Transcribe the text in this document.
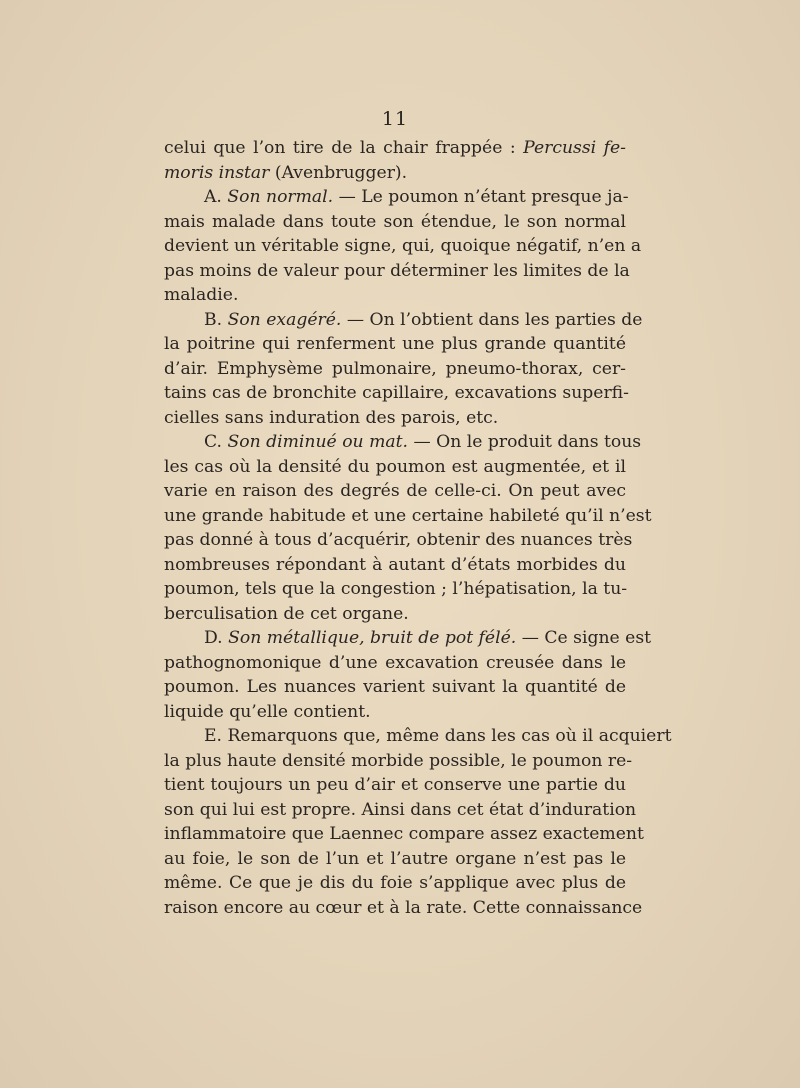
11

celui que l’on tire de la chair frappée : Percussi fe-
moris instar (Avenbrugger).

A. Son normal. — Le poumon n’étant presque ja-
mais malade dans toute son étendue, le son normal
devient un véritable signe, qui, quoique négatif, n’en a
pas moins de valeur pour déterminer les limites de la
maladie.

B. Son exagéré. — On l’obtient dans les parties de
la poitrine qui renferment une plus grande quantité
d’air. Emphysème pulmonaire, pneumo-thorax, cer-
tains cas de bronchite capillaire, excavations superfi-
cielles sans induration des parois, etc.

C. Son diminué ou mat. — On le produit dans tous
les cas où la densité du poumon est augmentée, et il
varie en raison des degrés de celle-ci. On peut avec
une grande habitude et une certaine habileté qu’il n’est
pas donné à tous d’acquérir, obtenir des nuances très
nombreuses répondant à autant d’états morbides du
poumon, tels que la congestion ; l’hépatisation, la tu-
berculisation de cet organe.

D. Son métallique, bruit de pot félé. — Ce signe est
pathognomonique d’une excavation creusée dans le
poumon. Les nuances varient suivant la quantité de
liquide qu’elle contient.

E. Remarquons que, même dans les cas où il acquiert
la plus haute densité morbide possible, le poumon re-
tient toujours un peu d’air et conserve une partie du
son qui lui est propre. Ainsi dans cet état d’induration
inflammatoire que Laennec compare assez exactement
au foie, le son de l’un et l’autre organe n’est pas le
même. Ce que je dis du foie s’applique avec plus de
raison encore au cœur et à la rate. Cette connaissance
